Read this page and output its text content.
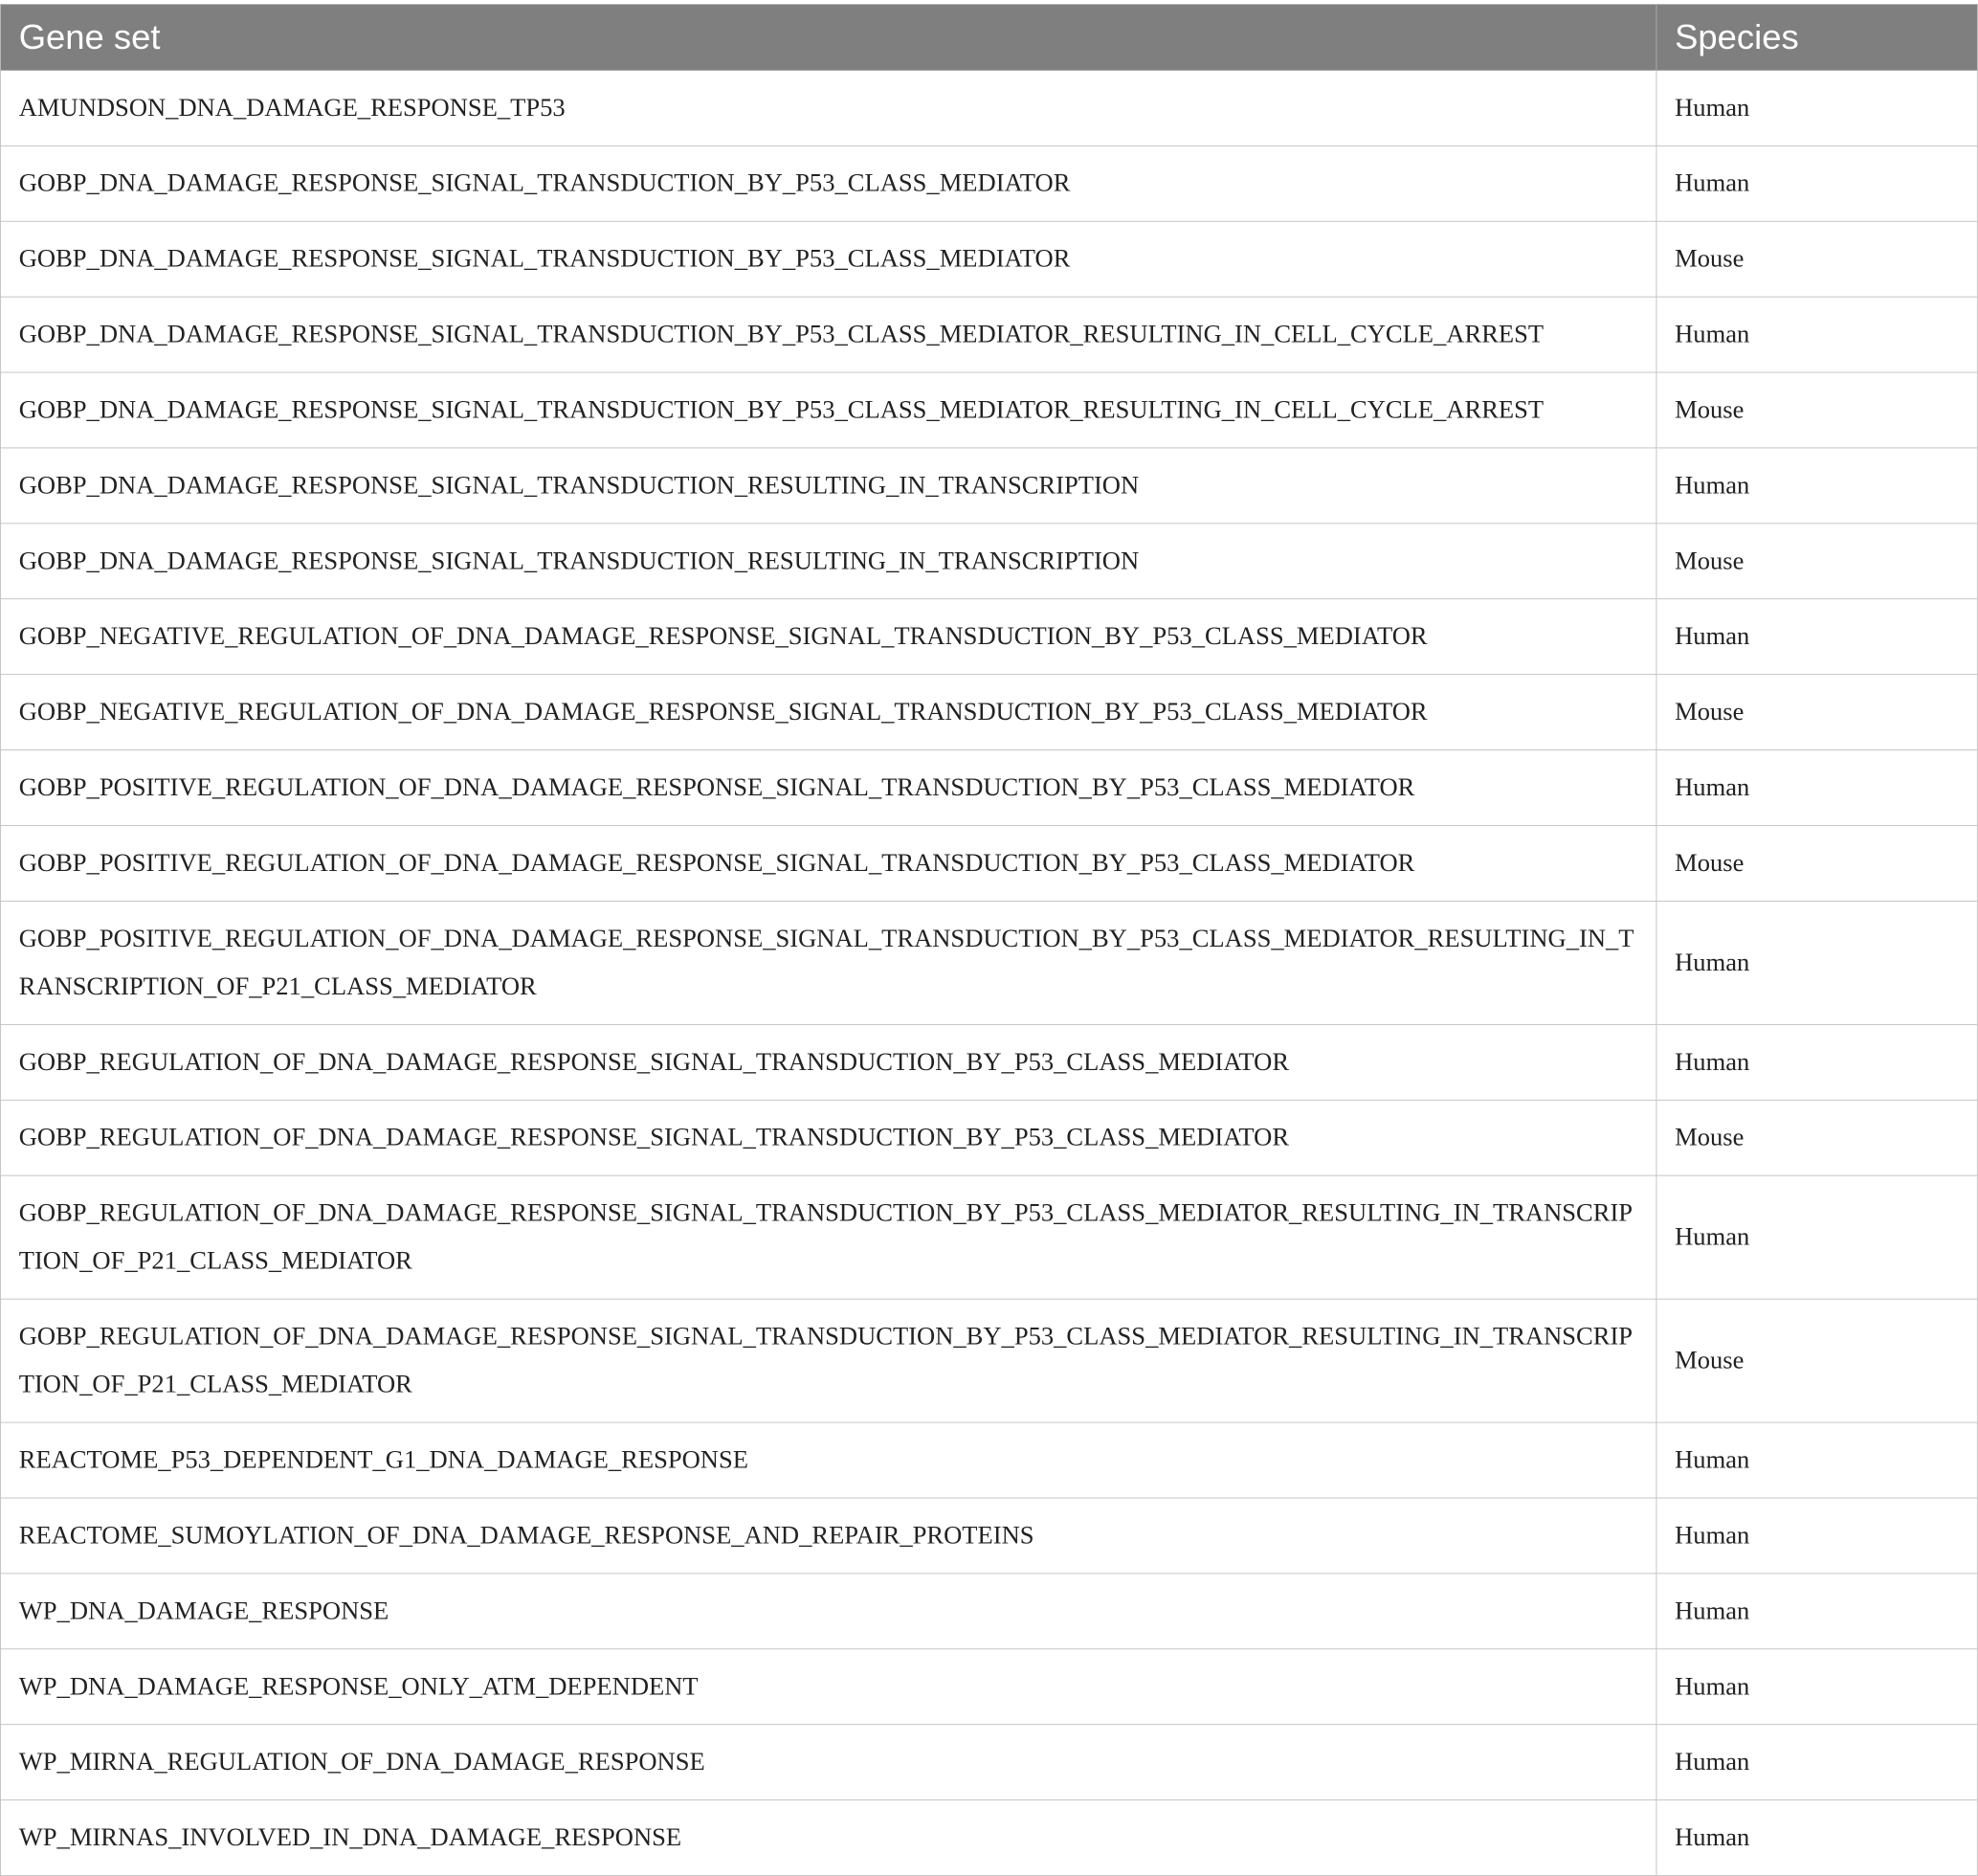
Gene set	Species
AMUNDSON_DNA_DAMAGE_RESPONSE_TP53	Human
GOBP_DNA_DAMAGE_RESPONSE_SIGNAL_TRANSDUCTION_BY_P53_CLASS_MEDIATOR	Human
GOBP_DNA_DAMAGE_RESPONSE_SIGNAL_TRANSDUCTION_BY_P53_CLASS_MEDIATOR	Mouse
GOBP_DNA_DAMAGE_RESPONSE_SIGNAL_TRANSDUCTION_BY_P53_CLASS_MEDIATOR_RESULTING_IN_CELL_CYCLE_ARREST	Human
GOBP_DNA_DAMAGE_RESPONSE_SIGNAL_TRANSDUCTION_BY_P53_CLASS_MEDIATOR_RESULTING_IN_CELL_CYCLE_ARREST	Mouse
GOBP_DNA_DAMAGE_RESPONSE_SIGNAL_TRANSDUCTION_RESULTING_IN_TRANSCRIPTION	Human
GOBP_DNA_DAMAGE_RESPONSE_SIGNAL_TRANSDUCTION_RESULTING_IN_TRANSCRIPTION	Mouse
GOBP_NEGATIVE_REGULATION_OF_DNA_DAMAGE_RESPONSE_SIGNAL_TRANSDUCTION_BY_P53_CLASS_MEDIATOR	Human
GOBP_NEGATIVE_REGULATION_OF_DNA_DAMAGE_RESPONSE_SIGNAL_TRANSDUCTION_BY_P53_CLASS_MEDIATOR	Mouse
GOBP_POSITIVE_REGULATION_OF_DNA_DAMAGE_RESPONSE_SIGNAL_TRANSDUCTION_BY_P53_CLASS_MEDIATOR	Human
GOBP_POSITIVE_REGULATION_OF_DNA_DAMAGE_RESPONSE_SIGNAL_TRANSDUCTION_BY_P53_CLASS_MEDIATOR	Mouse
GOBP_POSITIVE_REGULATION_OF_DNA_DAMAGE_RESPONSE_SIGNAL_TRANSDUCTION_BY_P53_CLASS_MEDIATOR_RESULTING_IN_TRANSCRIPTION_OF_P21_CLASS_MEDIATOR	Human
GOBP_REGULATION_OF_DNA_DAMAGE_RESPONSE_SIGNAL_TRANSDUCTION_BY_P53_CLASS_MEDIATOR	Human
GOBP_REGULATION_OF_DNA_DAMAGE_RESPONSE_SIGNAL_TRANSDUCTION_BY_P53_CLASS_MEDIATOR	Mouse
GOBP_REGULATION_OF_DNA_DAMAGE_RESPONSE_SIGNAL_TRANSDUCTION_BY_P53_CLASS_MEDIATOR_RESULTING_IN_TRANSCRIPTION_OF_P21_CLASS_MEDIATOR	Human
GOBP_REGULATION_OF_DNA_DAMAGE_RESPONSE_SIGNAL_TRANSDUCTION_BY_P53_CLASS_MEDIATOR_RESULTING_IN_TRANSCRIPTION_OF_P21_CLASS_MEDIATOR	Mouse
REACTOME_P53_DEPENDENT_G1_DNA_DAMAGE_RESPONSE	Human
REACTOME_SUMOYLATION_OF_DNA_DAMAGE_RESPONSE_AND_REPAIR_PROTEINS	Human
WP_DNA_DAMAGE_RESPONSE	Human
WP_DNA_DAMAGE_RESPONSE_ONLY_ATM_DEPENDENT	Human
WP_MIRNA_REGULATION_OF_DNA_DAMAGE_RESPONSE	Human
WP_MIRNAS_INVOLVED_IN_DNA_DAMAGE_RESPONSE	Human
